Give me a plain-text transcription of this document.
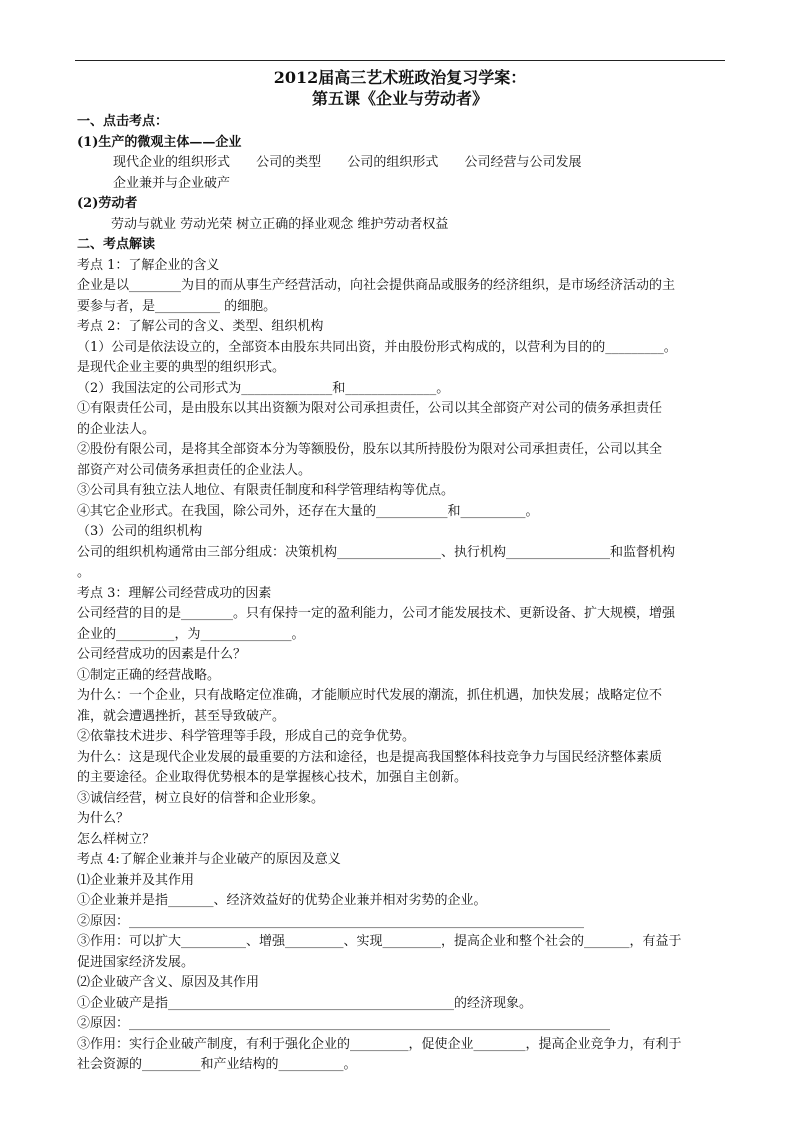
2012届高三艺术班政治复习学案：
第五课《企业与劳动者》

一、点击考点：

(1)生产的微观主体——企业

现代企业的组织形式 公司的类型 公司的组织形式 公司经营与公司发展

企业兼并与企业破产

(2)劳动者

劳动与就业 劳动光荣 树立正确的择业观念 维护劳动者权益

二、考点解读

考点 1：了解企业的含义

企业是以________为目的而从事生产经营活动，向社会提供商品或服务的经济组织，是市场经济活动的主

要参与者，是__________ 的细胞。

考点 2：了解公司的含义、类型、组织机构

（1）公司是依法设立的，全部资本由股东共同出资，并由股份形式构成的，以营利为目的的_________。

是现代企业主要的典型的组织形式。

（2）我国法定的公司形式为______________和______________。

①有限责任公司，是由股东以其出资额为限对公司承担责任，公司以其全部资产对公司的债务承担责任

的企业法人。

②股份有限公司，是将其全部资本分为等额股份，股东以其所持股份为限对公司承担责任，公司以其全

部资产对公司债务承担责任的企业法人。

③公司具有独立法人地位、有限责任制度和科学管理结构等优点。

④其它企业形式。在我国，除公司外，还存在大量的___________和__________。

（3）公司的组织机构

公司的组织机构通常由三部分组成：决策机构________________、执行机构________________和监督机构

。

考点 3：理解公司经营成功的因素

公司经营的目的是________。只有保持一定的盈利能力，公司才能发展技术、更新设备、扩大规模，增强

企业的_________，为______________。

公司经营成功的因素是什么？

①制定正确的经营战略。

为什么：一个企业，只有战略定位准确，才能顺应时代发展的潮流，抓住机遇，加快发展；战略定位不

准，就会遭遇挫折，甚至导致破产。

②依靠技术进步、科学管理等手段，形成自己的竞争优势。

为什么：这是现代企业发展的最重要的方法和途径，也是提高我国整体科技竞争力与国民经济整体素质

的主要途径。企业取得优势根本的是掌握核心技术，加强自主创新。

③诚信经营，树立良好的信誉和企业形象。

为什么？

怎么样树立？

考点 4:了解企业兼并与企业破产的原因及意义

⑴企业兼并及其作用

①企业兼并是指_______、经济效益好的优势企业兼并相对劣势的企业。

②原因：______________________________________________________________________

③作用：可以扩大__________、增强_________、实现_________，提高企业和整个社会的_______，有益于

促进国家经济发展。

⑵企业破产含义、原因及其作用

①企业破产是指____________________________________________的经济现象。

②原因：__________________________________________________________________________

③作用：实行企业破产制度，有利于强化企业的_________，促使企业________，提高企业竞争力，有利于

社会资源的_________和产业结构的__________。
